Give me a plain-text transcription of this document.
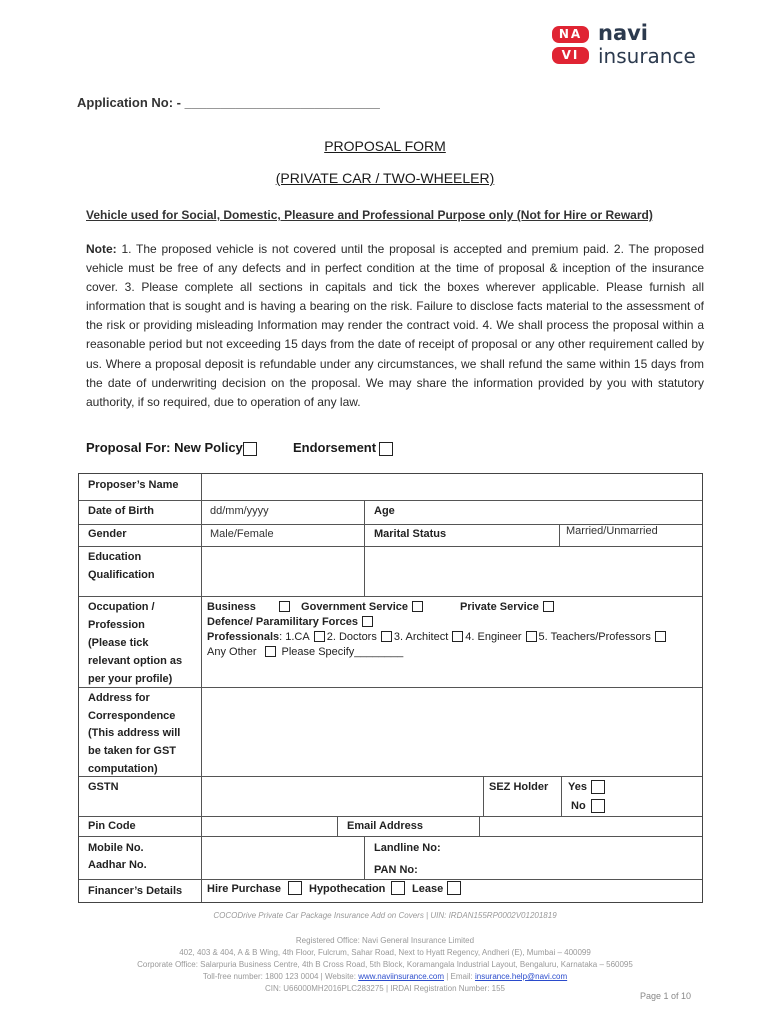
NA
VI
navi
insurance
Application No: - ___________________________
PROPOSAL FORM
(PRIVATE CAR / TWO-WHEELER)
Vehicle used for Social, Domestic, Pleasure and Professional Purpose only (Not for Hire or Reward)
Note: 1. The proposed vehicle is not covered until the proposal is accepted and premium paid. 2. The proposed vehicle must be free of any defects and in perfect condition at the time of proposal & inception of the insurance cover. 3. Please complete all sections in capitals and tick the boxes wherever applicable. Please furnish all information that is sought and is having a bearing on the risk. Failure to disclose facts material to the assessment of the risk or providing misleading Information may render the contract void. 4. We shall process the proposal within a reasonable period but not exceeding 15 days from the date of receipt of proposal or any other requirement called by us. Where a proposal deposit is refundable under any circumstances, we shall refund the same within 15 days from the date of underwriting decision on the proposal. We may share the information provided by you with statutory authority, if so required, due to operation of any law.
Proposal For: New Policy	Endorsement
Proposer’s Name
Date of Birth	dd/mm/yyyy	Age
Gender	Male/Female	Marital Status	Married/Unmarried
Education
Qualification
Occupation /
Profession
(Please tick
relevant option as
per your profile)
Business	Government Service	Private Service
Defence/ Paramilitary Forces
Professionals: 1.CA 2. Doctors 3. Architect 4. Engineer 5. Teachers/Professors
Any Other Please Specify________
Address for
Correspondence
(This address will
be taken for GST
computation)
GSTN	SEZ Holder Yes
No
Pin Code	Email Address
Mobile No.	Landline No:
Aadhar No.	PAN No:
Financer’s Details Hire Purchase	Hypothecation Lease
COCODrive Private Car Package Insurance Add on Covers | UIN: IRDAN155RP0002V01201819
Registered Office: Navi General Insurance Limited
402, 403 & 404, A & B Wing, 4th Floor, Fulcrum, Sahar Road, Next to Hyatt Regency, Andheri (E), Mumbai – 400099
Corporate Office: Salarpuria Business Centre, 4th B Cross Road, 5th Block, Koramangala Industrial Layout, Bengaluru, Karnataka – 560095
Toll-free number: 1800 123 0004 | Website: www.naviinsurance.com | Email: insurance.help@navi.com
CIN: U66000MH2016PLC283275 | IRDAI Registration Number: 155
Page 1 of 10
